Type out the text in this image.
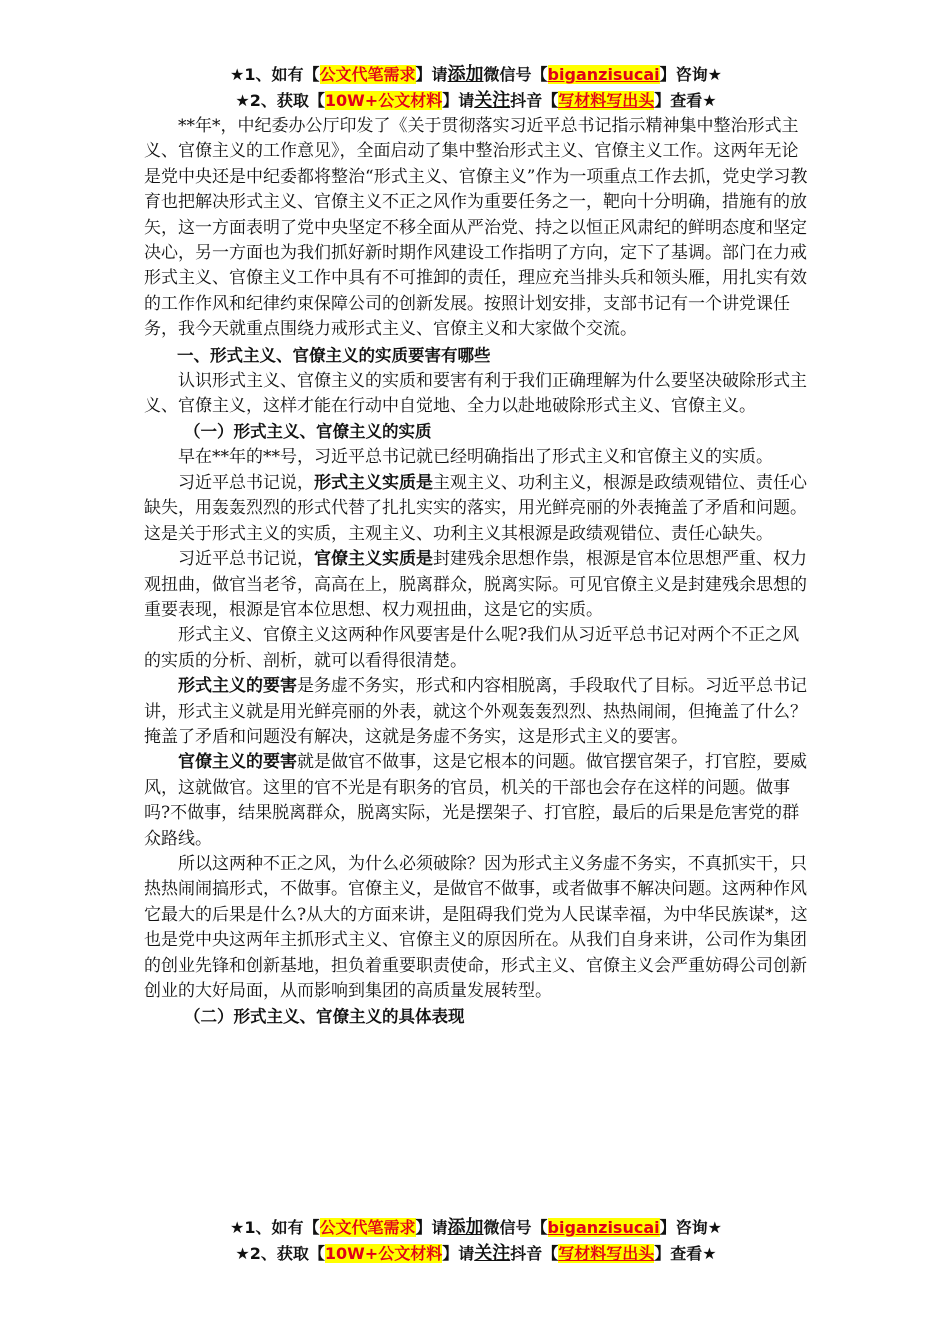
★1、如有【公文代笔需求】请添加微信号【biganzisucai】咨询★
★2、获取【10W+公文材料】请关注抖音【写材料写出头】查看★

**年*，中纪委办公厅印发了《关于贯彻落实习近平总书记指示精神集中整治形式主义、官僚主义的工作意见》，全面启动了集中整治形式主义、官僚主义工作。这两年无论是党中央还是中纪委都将整治“形式主义、官僚主义”作为一项重点工作去抓，党史学习教育也把解决形式主义、官僚主义不正之风作为重要任务之一，靶向十分明确，措施有的放矢，这一方面表明了党中央坚定不移全面从严治党、持之以恒正风肃纪的鲜明态度和坚定决心，另一方面也为我们抓好新时期作风建设工作指明了方向，定下了基调。部门在力戒形式主义、官僚主义工作中具有不可推卸的责任，理应充当排头兵和领头雁，用扎实有效的工作作风和纪律约束保障公司的创新发展。按照计划安排，支部书记有一个讲党课任务，我今天就重点围绕力戒形式主义、官僚主义和大家做个交流。

一、形式主义、官僚主义的实质要害有哪些

认识形式主义、官僚主义的实质和要害有利于我们正确理解为什么要坚决破除形式主义、官僚主义，这样才能在行动中自觉地、全力以赴地破除形式主义、官僚主义。

（一）形式主义、官僚主义的实质

早在**年的**号，习近平总书记就已经明确指出了形式主义和官僚主义的实质。

习近平总书记说，形式主义实质是主观主义、功利主义，根源是政绩观错位、责任心缺失，用轰轰烈烈的形式代替了扎扎实实的落实，用光鲜亮丽的外表掩盖了矛盾和问题。这是关于形式主义的实质，主观主义、功利主义其根源是政绩观错位、责任心缺失。

习近平总书记说，官僚主义实质是封建残余思想作祟，根源是官本位思想严重、权力观扭曲，做官当老爷，高高在上，脱离群众，脱离实际。可见官僚主义是封建残余思想的重要表现，根源是官本位思想、权力观扭曲，这是它的实质。

形式主义、官僚主义这两种作风要害是什么呢?我们从习近平总书记对两个不正之风的实质的分析、剖析，就可以看得很清楚。

形式主义的要害是务虚不务实，形式和内容相脱离，手段取代了目标。习近平总书记讲，形式主义就是用光鲜亮丽的外表，就这个外观轰轰烈烈、热热闹闹，但掩盖了什么？掩盖了矛盾和问题没有解决，这就是务虚不务实，这是形式主义的要害。

官僚主义的要害就是做官不做事，这是它根本的问题。做官摆官架子，打官腔，要威风，这就做官。这里的官不光是有职务的官员，机关的干部也会存在这样的问题。做事吗?不做事，结果脱离群众，脱离实际，光是摆架子、打官腔，最后的后果是危害党的群众路线。

所以这两种不正之风，为什么必须破除？因为形式主义务虚不务实，不真抓实干，只热热闹闹搞形式，不做事。官僚主义，是做官不做事，或者做事不解决问题。这两种作风它最大的后果是什么?从大的方面来讲，是阻碍我们党为人民谋幸福，为中华民族谋*，这也是党中央这两年主抓形式主义、官僚主义的原因所在。从我们自身来讲，公司作为集团的创业先锋和创新基地，担负着重要职责使命，形式主义、官僚主义会严重妨碍公司创新创业的大好局面，从而影响到集团的高质量发展转型。

（二）形式主义、官僚主义的具体表现
★1、如有【公文代笔需求】请添加微信号【biganzisucai】咨询★
★2、获取【10W+公文材料】请关注抖音【写材料写出头】查看★
